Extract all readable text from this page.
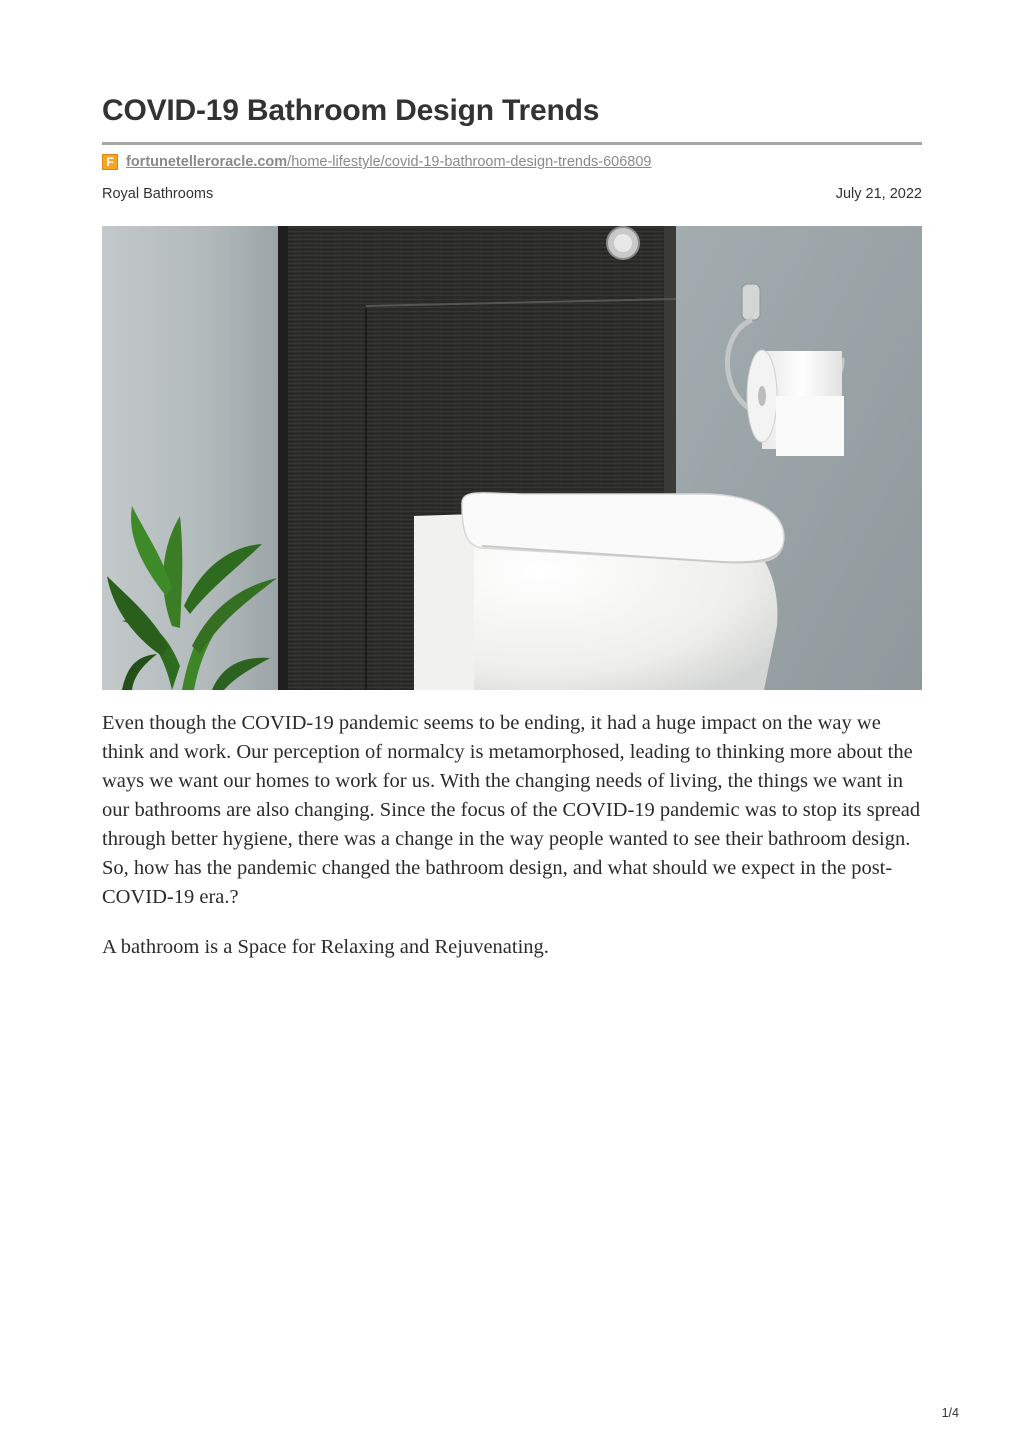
COVID-19 Bathroom Design Trends
F fortunetelleroracle.com /home-lifestyle/covid-19-bathroom-design-trends-606809
Royal Bathrooms	July 21, 2022

Even though the COVID-19 pandemic seems to be ending, it had a huge impact on the way we think and work. Our perception of normalcy is metamorphosed, leading to thinking more about the ways we want our homes to work for us. With the changing needs of living, the things we want in our bathrooms are also changing. Since the focus of the COVID-19 pandemic was to stop its spread through better hygiene, there was a change in the way people wanted to see their bathroom design. So, how has the pandemic changed the bathroom design, and what should we expect in the post-COVID-19 era.?

A bathroom is a Space for Relaxing and Rejuvenating.

1/4
